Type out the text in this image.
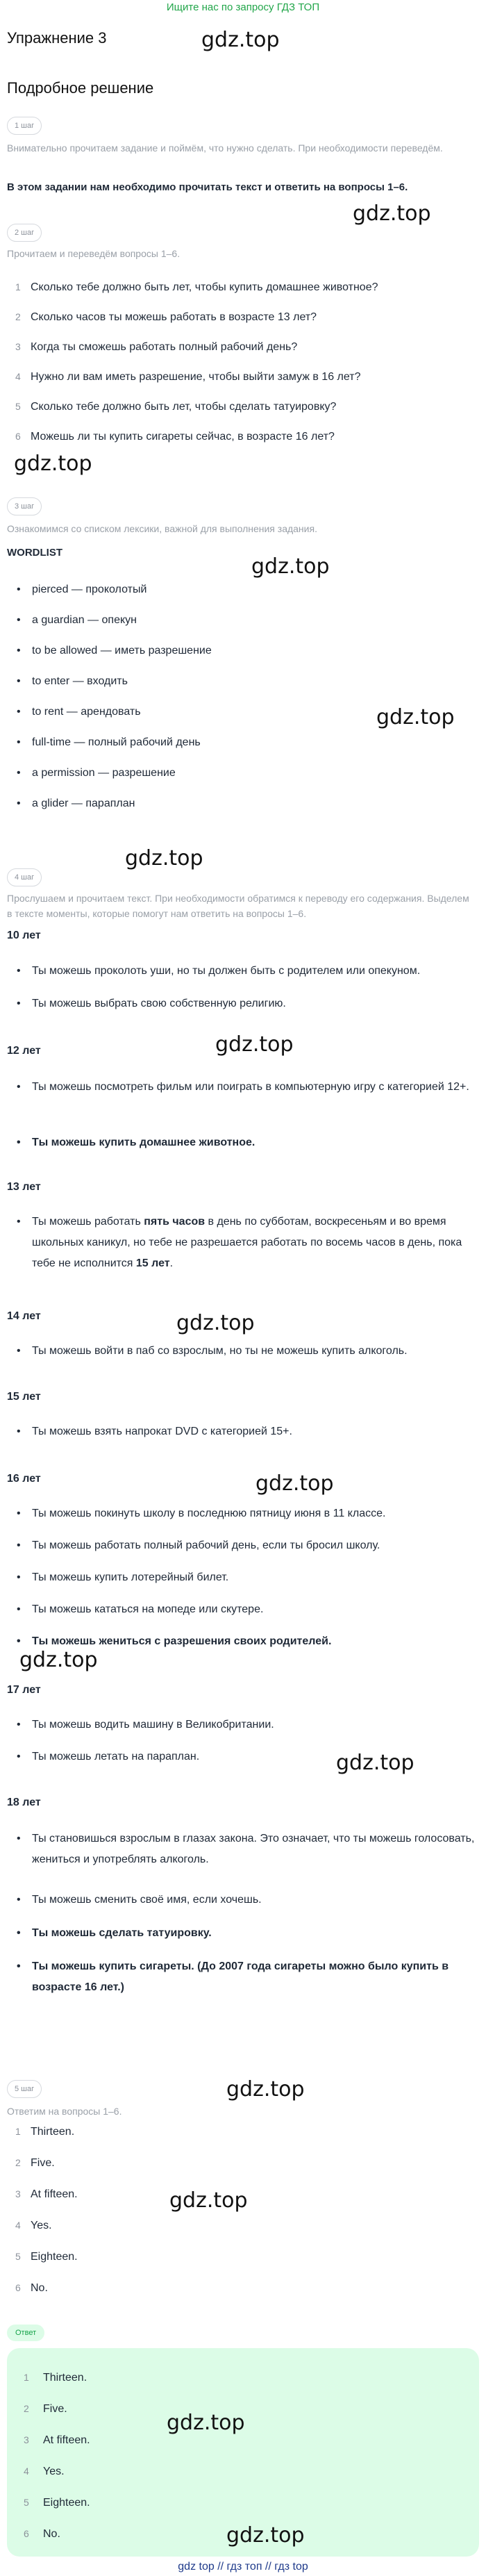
Ищите нас по запросу ГДЗ ТОП
Упражнение 3
Подробное решение
1 шаг
Внимательно прочитаем задание и поймём, что нужно сделать. При необходимости переведём.
В этом задании нам необходимо прочитать текст и ответить на вопросы 1–6.
2 шаг
Прочитаем и переведём вопросы 1–6.
1 Сколько тебе должно быть лет, чтобы купить домашнее животное?
2 Сколько часов ты можешь работать в возрасте 13 лет?
3 Когда ты сможешь работать полный рабочий день?
4 Нужно ли вам иметь разрешение, чтобы выйти замуж в 16 лет?
5 Сколько тебе должно быть лет, чтобы сделать татуировку?
6 Можешь ли ты купить сигареты сейчас, в возрасте 16 лет?
3 шаг
Ознакомимся со списком лексики, важной для выполнения задания.
WORDLIST
• pierced — проколотый
• a guardian — опекун
• to be allowed — иметь разрешение
• to enter — входить
• to rent — арендовать
• full-time — полный рабочий день
• a permission — разрешение
• a glider — параплан
4 шаг
Прослушаем и прочитаем текст. При необходимости обратимся к переводу его содержания. Выделем в тексте моменты, которые помогут нам ответить на вопросы 1–6.
10 лет
• Ты можешь проколоть уши, но ты должен быть с родителем или опекуном.
• Ты можешь выбрать свою собственную религию.
12 лет
• Ты можешь посмотреть фильм или поиграть в компьютерную игру с категорией 12+.
• Ты можешь купить домашнее животное.
13 лет
• Ты можешь работать пять часов в день по субботам, воскресеньям и во время школьных каникул, но тебе не разрешается работать по восемь часов в день, пока тебе не исполнится 15 лет.
14 лет
• Ты можешь войти в паб со взрослым, но ты не можешь купить алкоголь.
15 лет
• Ты можешь взять напрокат DVD с категорией 15+.
16 лет
• Ты можешь покинуть школу в последнюю пятницу июня в 11 классе.
• Ты можешь работать полный рабочий день, если ты бросил школу.
• Ты можешь купить лотерейный билет.
• Ты можешь кататься на мопеде или скутере.
• Ты можешь жениться с разрешения своих родителей.
17 лет
• Ты можешь водить машину в Великобритании.
• Ты можешь летать на параплан.
18 лет
• Ты становишься взрослым в глазах закона. Это означает, что ты можешь голосовать, жениться и употреблять алкоголь.
• Ты можешь сменить своё имя, если хочешь.
• Ты можешь сделать татуировку.
• Ты можешь купить сигареты. (До 2007 года сигареты можно было купить в возрасте 16 лет.)
5 шаг
Ответим на вопросы 1–6.
1 Thirteen.
2 Five.
3 At fifteen.
4 Yes.
5 Eighteen.
6 No.
Ответ
1 Thirteen.
2 Five.
3 At fifteen.
4 Yes.
5 Eighteen.
6 No.
gdz.top
gdz.top
gdz.top
gdz.top
gdz.top
gdz.top
gdz.top
gdz.top
gdz.top
gdz.top
gdz.top
gdz.top
gdz.top
gdz.top
gdz.top
gdz top // гдз топ // гдз top
